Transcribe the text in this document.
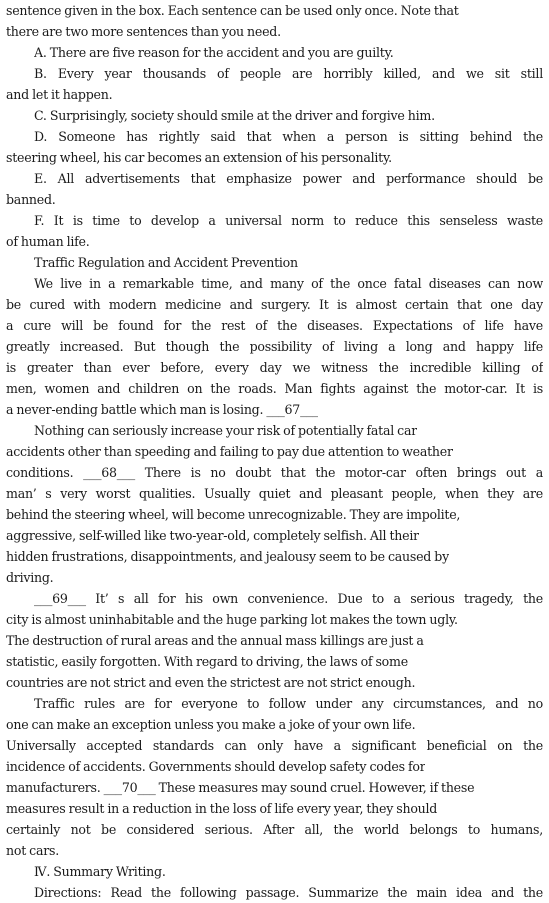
sentence given in the box. Each sentence can be used only once. Note that
there are two more sentences than you need.
A. There are five reason for the accident and you are guilty.
B. Every year thousands of people are horribly killed, and we sit still
and let it happen.
C. Surprisingly, society should smile at the driver and forgive him.
D. Someone has rightly said that when a person is sitting behind the
steering wheel, his car becomes an extension of his personality.
E. All advertisements that emphasize power and performance should be
banned.
F. It is time to develop a universal norm to reduce this senseless waste
of human life.
Traffic Regulation and Accident Prevention
We live in a remarkable time, and many of the once fatal diseases can now
be cured with modern medicine and surgery. It is almost certain that one day
a cure will be found for the rest of the diseases. Expectations of life have
greatly increased. But though the possibility of living a long and happy life
is greater than ever before, every day we witness the incredible killing of
men, women and children on the roads. Man fights against the motor-car. It is
a never-ending battle which man is losing. ___67___
Nothing can seriously increase your risk of potentially fatal car
accidents other than speeding and failing to pay due attention to weather
conditions. ___68___ There is no doubt that the motor-car often brings out a
man’ s very worst qualities. Usually quiet and pleasant people, when they are
behind the steering wheel, will become unrecognizable. They are impolite,
aggressive, self-willed like two-year-old, completely selfish. All their
hidden frustrations, disappointments, and jealousy seem to be caused by
driving.
___69___ It’ s all for his own convenience. Due to a serious tragedy, the
city is almost uninhabitable and the huge parking lot makes the town ugly.
The destruction of rural areas and the annual mass killings are just a
statistic, easily forgotten. With regard to driving, the laws of some
countries are not strict and even the strictest are not strict enough.
Traffic rules are for everyone to follow under any circumstances, and no
one can make an exception unless you make a joke of your own life.
Universally accepted standards can only have a significant beneficial on the
incidence of accidents. Governments should develop safety codes for
manufacturers. ___70___ These measures may sound cruel. However, if these
measures result in a reduction in the loss of life every year, they should
certainly not be considered serious. After all, the world belongs to humans,
not cars.
Ⅳ. Summary Writing.
Directions: Read the following passage. Summarize the main idea and the
